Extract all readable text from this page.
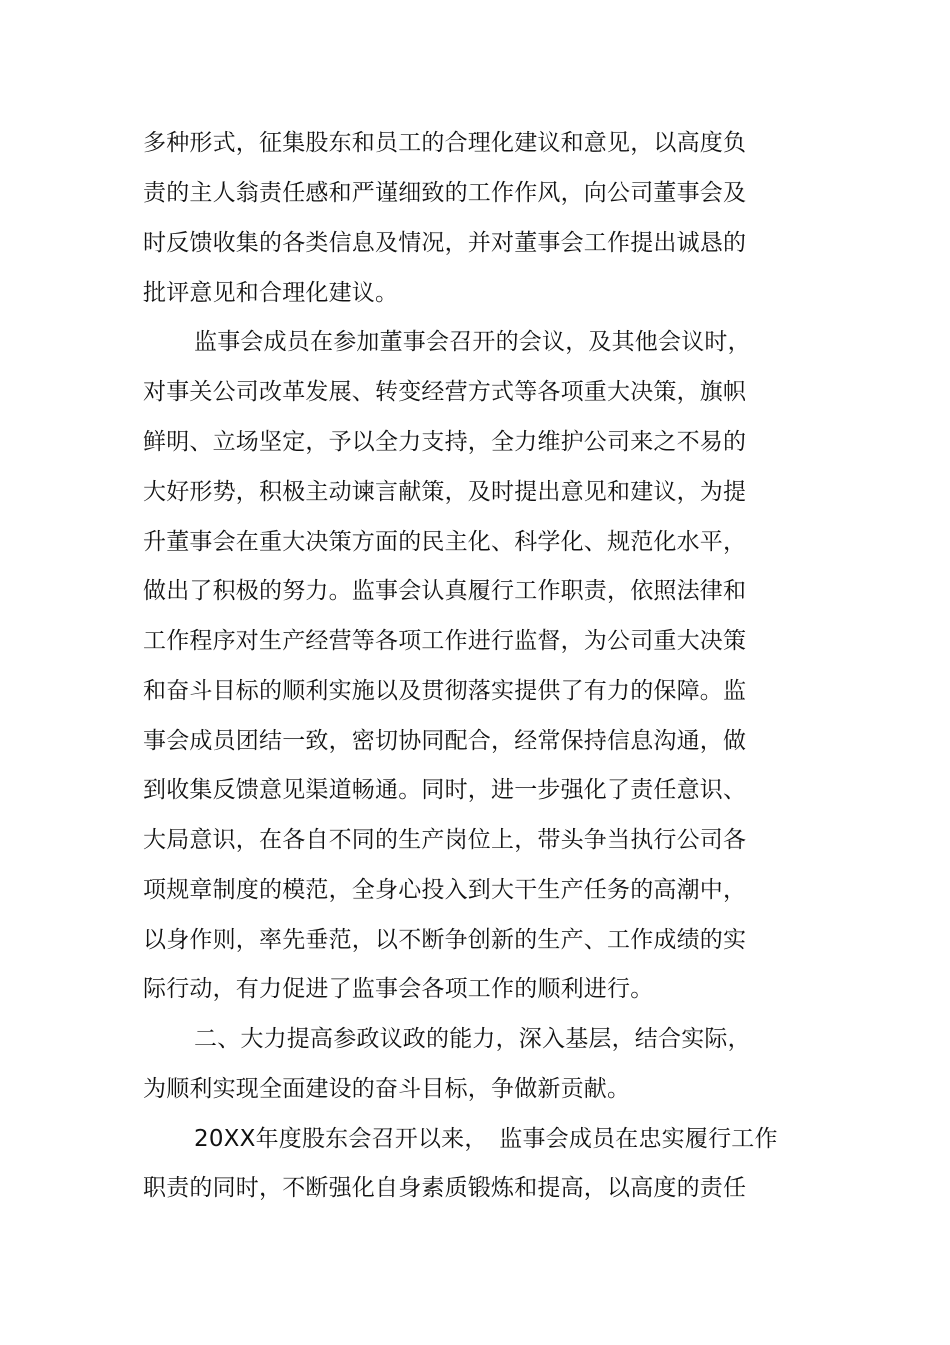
多种形式，征集股东和员工的合理化建议和意见，以高度负
责的主人翁责任感和严谨细致的工作作风，向公司董事会及
时反馈收集的各类信息及情况，并对董事会工作提出诚恳的
批评意见和合理化建议。
监事会成员在参加董事会召开的会议，及其他会议时，
对事关公司改革发展、转变经营方式等各项重大决策，旗帜
鲜明、立场坚定，予以全力支持，全力维护公司来之不易的
大好形势，积极主动谏言献策，及时提出意见和建议，为提
升董事会在重大决策方面的民主化、科学化、规范化水平，
做出了积极的努力。监事会认真履行工作职责，依照法律和
工作程序对生产经营等各项工作进行监督，为公司重大决策
和奋斗目标的顺利实施以及贯彻落实提供了有力的保障。监
事会成员团结一致，密切协同配合，经常保持信息沟通，做
到收集反馈意见渠道畅通。同时，进一步强化了责任意识、
大局意识，在各自不同的生产岗位上，带头争当执行公司各
项规章制度的模范，全身心投入到大干生产任务的高潮中，
以身作则，率先垂范，以不断争创新的生产、工作成绩的实
际行动，有力促进了监事会各项工作的顺利进行。
二、大力提高参政议政的能力，深入基层，结合实际，
为顺利实现全面建设的奋斗目标，争做新贡献。
20XX年度股东会召开以来，　监事会成员在忠实履行工作
职责的同时，不断强化自身素质锻炼和提高，以高度的责任
